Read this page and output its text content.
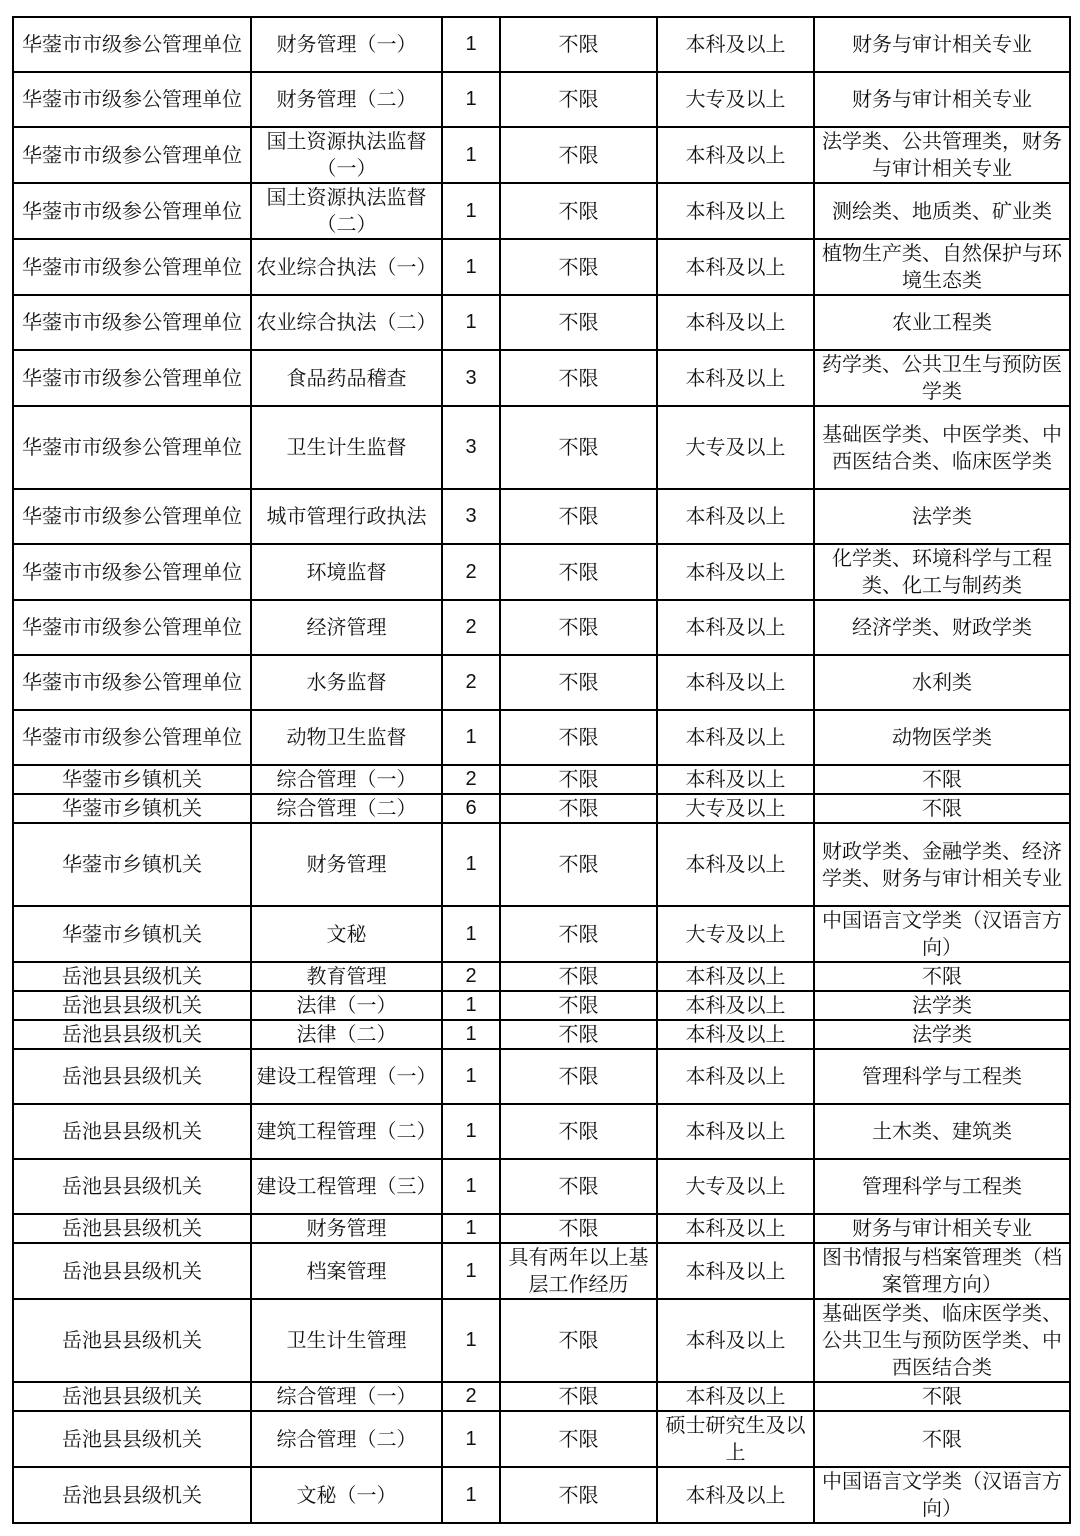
华蓥市市级参公管理单位	财务管理（一）	1	不限	本科及以上	财务与审计相关专业
华蓥市市级参公管理单位	财务管理（二）	1	不限	大专及以上	财务与审计相关专业
华蓥市市级参公管理单位	国土资源执法监督（一）	1	不限	本科及以上	法学类、公共管理类，财务与审计相关专业
华蓥市市级参公管理单位	国土资源执法监督（二）	1	不限	本科及以上	测绘类、地质类、矿业类
华蓥市市级参公管理单位	农业综合执法（一）	1	不限	本科及以上	植物生产类、自然保护与环境生态类
华蓥市市级参公管理单位	农业综合执法（二）	1	不限	本科及以上	农业工程类
华蓥市市级参公管理单位	食品药品稽查	3	不限	本科及以上	药学类、公共卫生与预防医学类
华蓥市市级参公管理单位	卫生计生监督	3	不限	大专及以上	基础医学类、中医学类、中西医结合类、临床医学类
华蓥市市级参公管理单位	城市管理行政执法	3	不限	本科及以上	法学类
华蓥市市级参公管理单位	环境监督	2	不限	本科及以上	化学类、环境科学与工程类、化工与制药类
华蓥市市级参公管理单位	经济管理	2	不限	本科及以上	经济学类、财政学类
华蓥市市级参公管理单位	水务监督	2	不限	本科及以上	水利类
华蓥市市级参公管理单位	动物卫生监督	1	不限	本科及以上	动物医学类
华蓥市乡镇机关	综合管理（一）	2	不限	本科及以上	不限
华蓥市乡镇机关	综合管理（二）	6	不限	大专及以上	不限
华蓥市乡镇机关	财务管理	1	不限	本科及以上	财政学类、金融学类、经济学类、财务与审计相关专业
华蓥市乡镇机关	文秘	1	不限	大专及以上	中国语言文学类（汉语言方向）
岳池县县级机关	教育管理	2	不限	本科及以上	不限
岳池县县级机关	法律（一）	1	不限	本科及以上	法学类
岳池县县级机关	法律（二）	1	不限	本科及以上	法学类
岳池县县级机关	建设工程管理（一）	1	不限	本科及以上	管理科学与工程类
岳池县县级机关	建筑工程管理（二）	1	不限	本科及以上	土木类、建筑类
岳池县县级机关	建设工程管理（三）	1	不限	大专及以上	管理科学与工程类
岳池县县级机关	财务管理	1	不限	本科及以上	财务与审计相关专业
岳池县县级机关	档案管理	1	具有两年以上基层工作经历	本科及以上	图书情报与档案管理类（档案管理方向）
岳池县县级机关	卫生计生管理	1	不限	本科及以上	基础医学类、临床医学类、公共卫生与预防医学类、中西医结合类
岳池县县级机关	综合管理（一）	2	不限	本科及以上	不限
岳池县县级机关	综合管理（二）	1	不限	硕士研究生及以上	不限
岳池县县级机关	文秘（一）	1	不限	本科及以上	中国语言文学类（汉语言方向）
